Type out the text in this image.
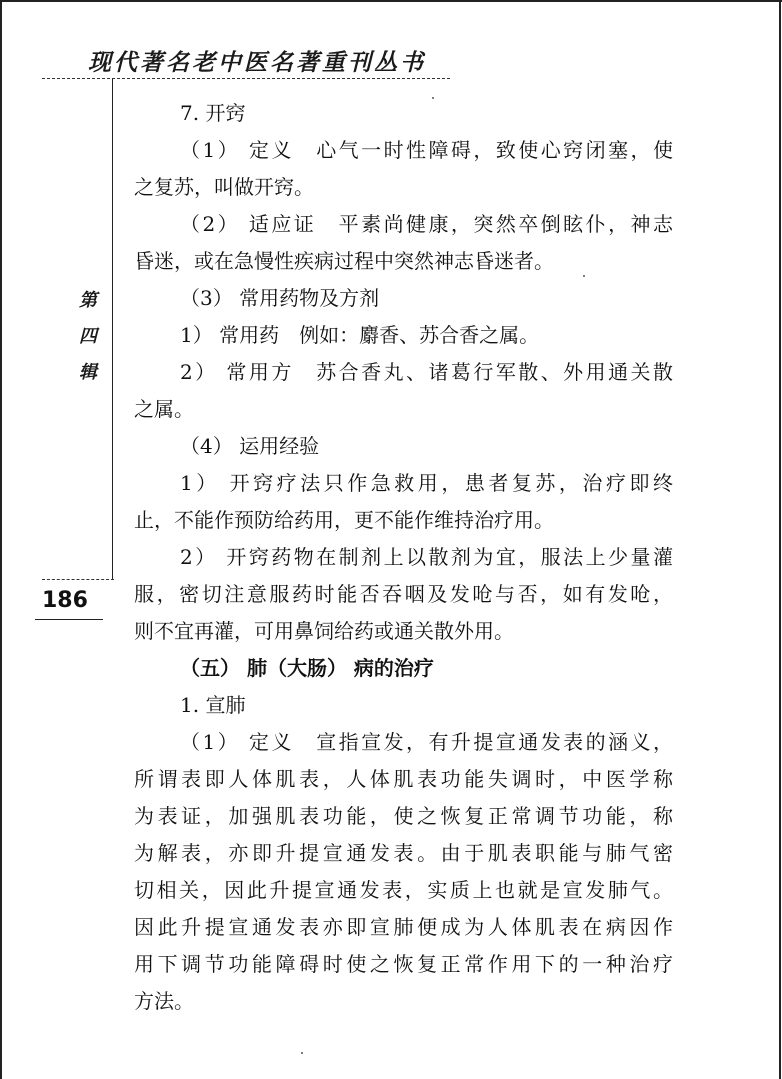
现代著名老中医名著重刊丛书
第
四
辑
186
7. 开窍
（1） 定义　心气一时性障碍，致使心窍闭塞，使
之复苏，叫做开窍。
（2） 适应证　平素尚健康，突然卒倒眩仆，神志
昏迷，或在急慢性疾病过程中突然神志昏迷者。
（3） 常用药物及方剂
1） 常用药　例如：麝香、苏合香之属。
2） 常用方　苏合香丸、诸葛行军散、外用通关散
之属。
（4） 运用经验
1） 开窍疗法只作急救用，患者复苏，治疗即终
止，不能作预防给药用，更不能作维持治疗用。
2） 开窍药物在制剂上以散剂为宜，服法上少量灌
服，密切注意服药时能否吞咽及发呛与否，如有发呛，
则不宜再灌，可用鼻饲给药或通关散外用。
（五） 肺（大肠） 病的治疗
1. 宣肺
（1） 定义　宣指宣发，有升提宣通发表的涵义，
所谓表即人体肌表，人体肌表功能失调时，中医学称
为表证，加强肌表功能，使之恢复正常调节功能，称
为解表，亦即升提宣通发表。由于肌表职能与肺气密
切相关，因此升提宣通发表，实质上也就是宣发肺气。
因此升提宣通发表亦即宣肺便成为人体肌表在病因作
用下调节功能障碍时使之恢复正常作用下的一种治疗
方法。
